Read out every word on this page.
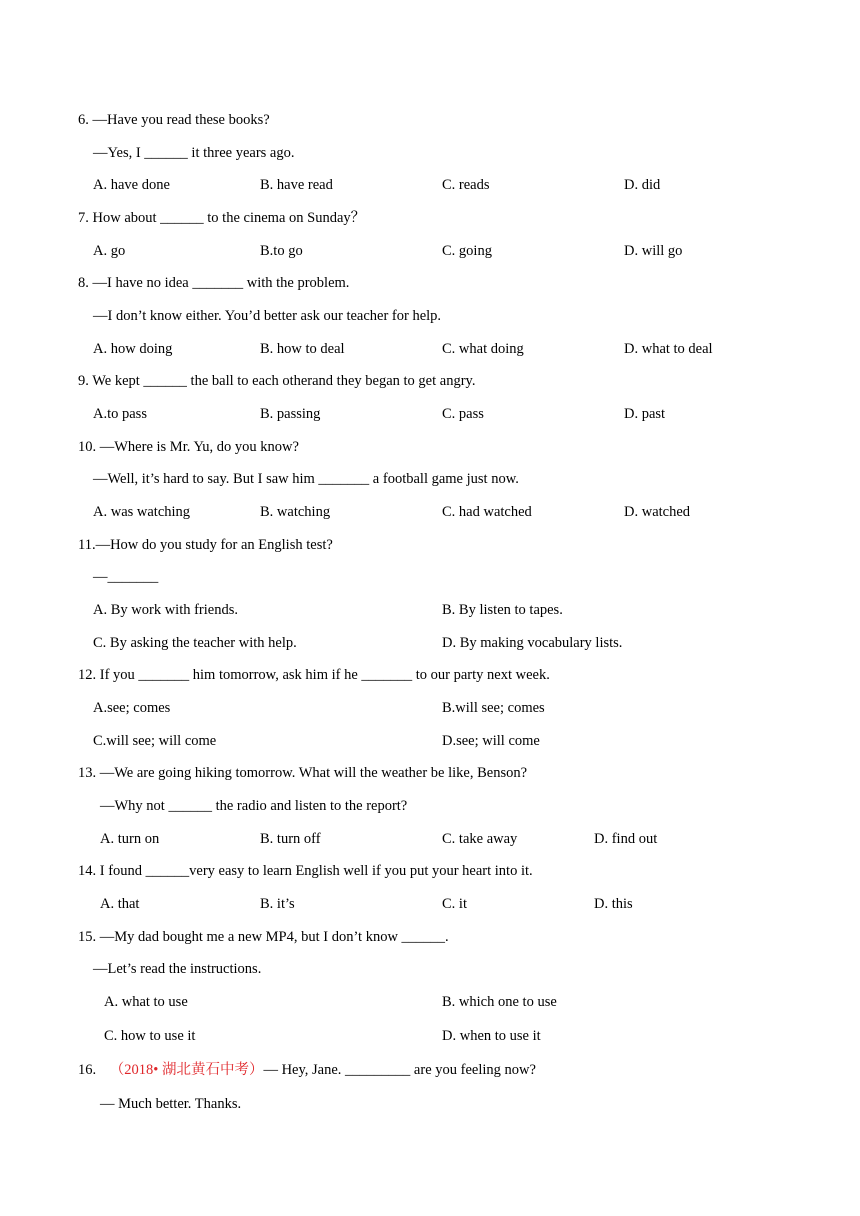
6. —Have you read these books?
—Yes, I ______ it three years ago.
A. have done	B. have read	C. reads	D. did
7. How about ______ to the cinema on Sunday？
A. go	B.to go	C. going	D. will go
8. —I have no idea _______ with the problem.
—I don’t know either. You’d better ask our teacher for help.
A. how doing	B. how to deal	C. what doing	D. what to deal
9. We kept ______ the ball to each otherand they began to get angry.
A.to pass	B. passing	C. pass	D. past
10. —Where is Mr. Yu, do you know?
—Well, it’s hard to say. But I saw him _______ a football game just now.
A. was watching	B. watching	C. had watched	D. watched
11.—How do you study for an English test?
—_______
A. By work with friends.	B. By listen to tapes.
C. By asking the teacher with help.	D. By making vocabulary lists.
12. If you _______ him tomorrow, ask him if he _______ to our party next week.
A.see; comes	B.will see; comes
C.will see; will come	D.see; will come
13. —We are going hiking tomorrow. What will the weather be like, Benson?
—Why not ______ the radio and listen to the report?
A. turn on	B. turn off	C. take away	D. find out
14. I found ______very easy to learn English well if you put your heart into it.
A. that	B. it’s	C. it	D. this
15. —My dad bought me a new MP4, but I don’t know ______.
—Let’s read the instructions.
A. what to use	B. which one to use
C. how to use it	D. when to use it
16. （2018• 湖北黄石中考）— Hey, Jane. _________ are you feeling now?
— Much better. Thanks.
